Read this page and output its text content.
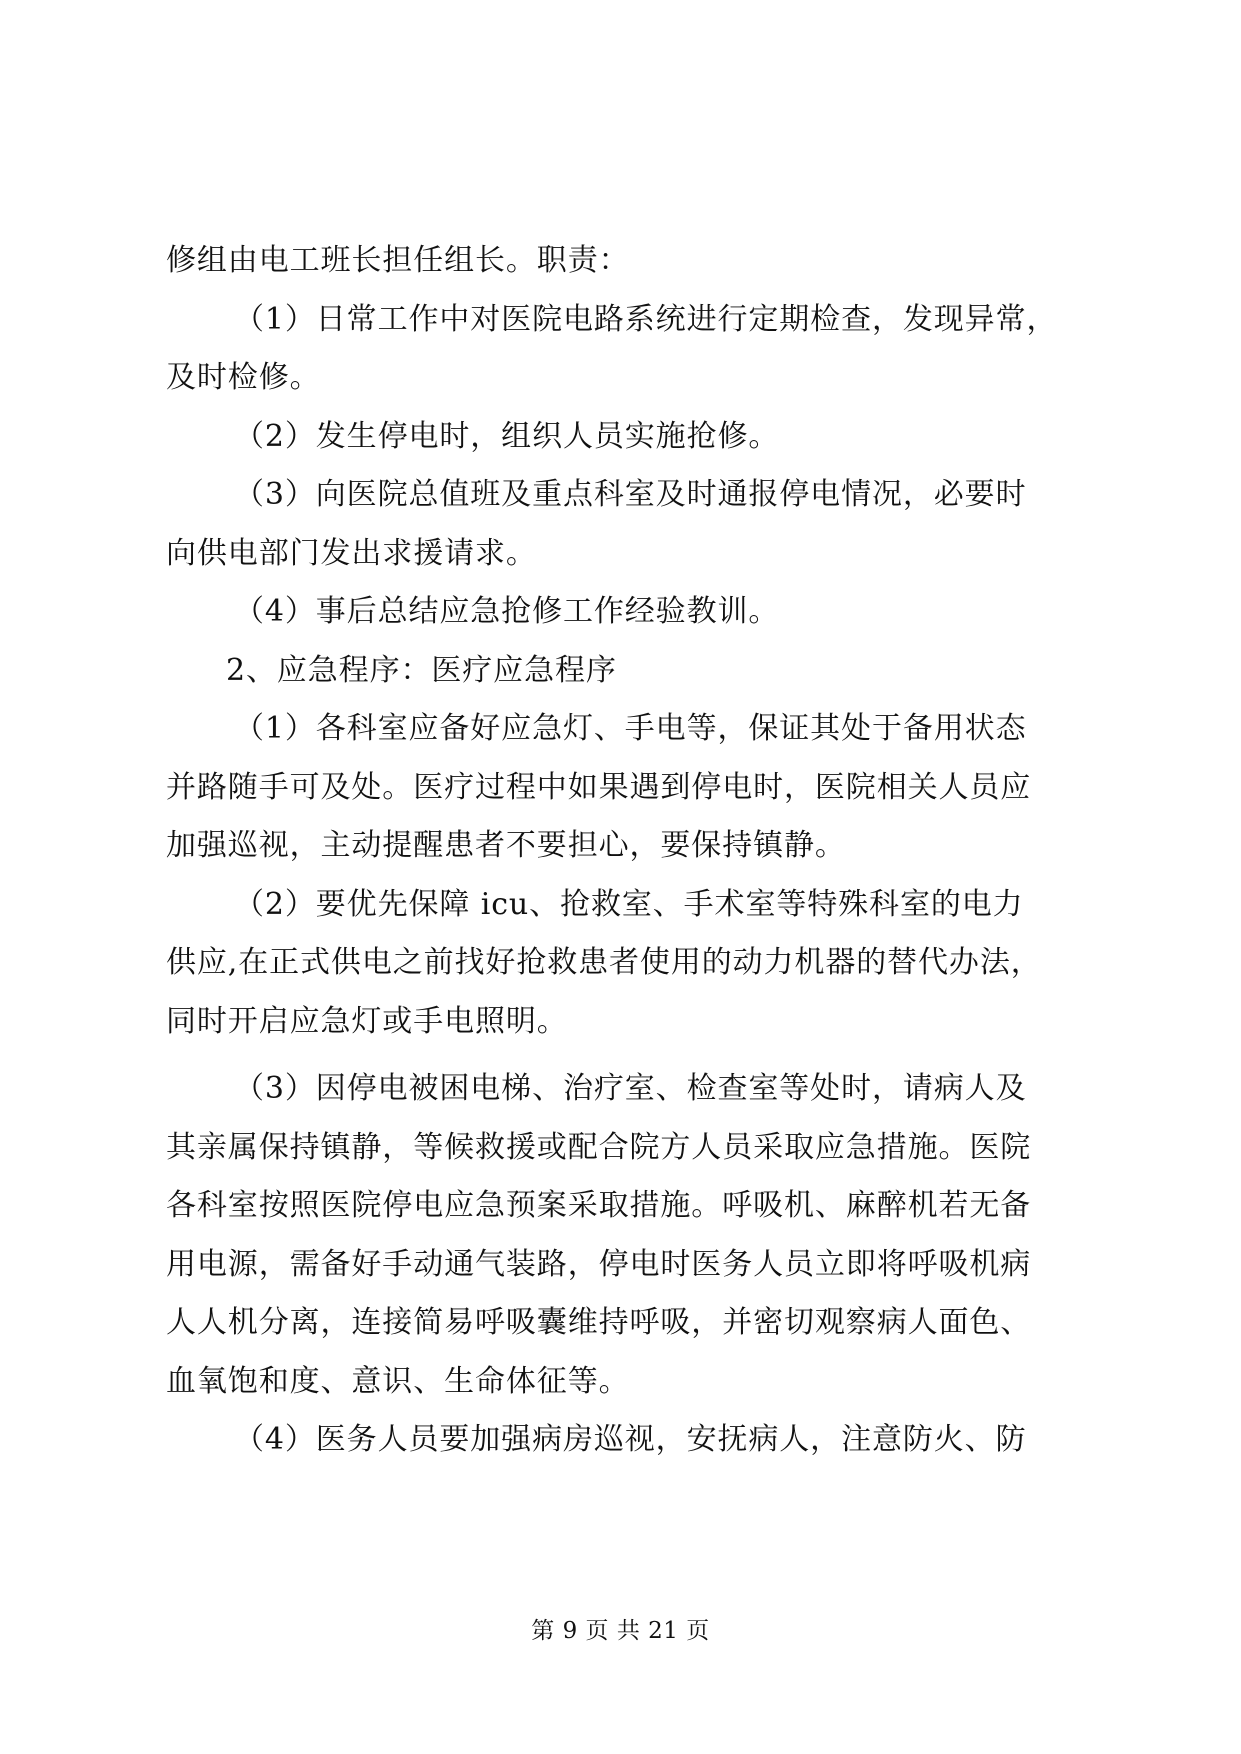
修组由电工班长担任组长。职责：
（1）日常工作中对医院电路系统进行定期检查，发现异常，
及时检修。
（2）发生停电时，组织人员实施抢修。
（3）向医院总值班及重点科室及时通报停电情况，必要时
向供电部门发出求援请求。
（4）事后总结应急抢修工作经验教训。
2、应急程序：医疗应急程序
（1）各科室应备好应急灯、手电等，保证其处于备用状态
并路随手可及处。医疗过程中如果遇到停电时，医院相关人员应
加强巡视，主动提醒患者不要担心，要保持镇静。
（2）要优先保障 icu、抢救室、手术室等特殊科室的电力
供应,在正式供电之前找好抢救患者使用的动力机器的替代办法，
同时开启应急灯或手电照明。
（3）因停电被困电梯、治疗室、检查室等处时，请病人及
其亲属保持镇静，等候救援或配合院方人员采取应急措施。医院
各科室按照医院停电应急预案采取措施。呼吸机、麻醉机若无备
用电源，需备好手动通气装路，停电时医务人员立即将呼吸机病
人人机分离，连接简易呼吸囊维持呼吸，并密切观察病人面色、
血氧饱和度、意识、生命体征等。
（4）医务人员要加强病房巡视，安抚病人，注意防火、防
第 9 页 共 21 页
